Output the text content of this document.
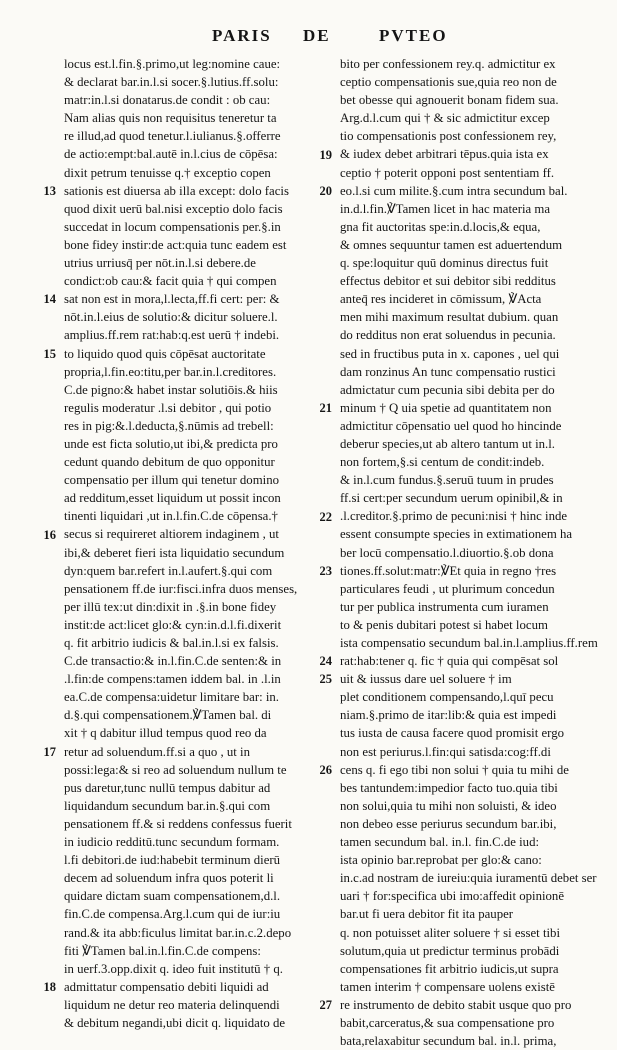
PARIS DE	PVTEO
locus est.l.fin.§.primo,ut leg:nomine caue:
& declarat bar.in.l.si socer.§.lutius.ff.solu:
matr:in.l.si donatarus.de condit : ob cau:
Nam alias quis non requisitus teneretur ta
re illud,ad quod tenetur.l.iulianus.§.offerre
de actio:empt:bal.autē in.l.cius de cōpēsa:
dixit petrum tenuisse q.† exceptio copen
sationis est diuersa ab illa except: dolo facis
quod dixit uerū bal.nisi exceptio dolo facis
succedat in locum compensationis per.§.in
bone fidey instir:de act:quia tunc eadem est
utrius urriusq̄ per nōt.in.l.si debere.de
condict:ob cau:& facit quia † qui compen
sat non est in mora,l.lecta,ff.fi cert: per: &
nōt.in.l.eius de solutio:& dicitur soluere.l.
amplius.ff.rem rat:hab:q.est uerū † indebi.
to liquido quod quis cōpēsat auctoritate
propria,l.fin.eo:titu,per bar.in.l.creditores.
C.de pigno:& habet instar solutiōis.& hiis
regulis moderatur .l.si debitor , qui potio
res in pig:&.l.deducta,§.nūmis ad trebell:
unde est ficta solutio,ut ibi,& predicta pro
cedunt quando debitum de quo opponitur
compensatio per illum qui tenetur domino
ad redditum,esset liquidum ut possit incon
tinenti liquidari ,ut in.l.fin.C.de cōpensa.†
secus si requireret altiorem indaginem , ut
ibi,& deberet fieri ista liquidatio secundum
dyn:quem bar.refert in.l.aufert.§.qui com
pensationem ff.de iur:fisci.infra duos menses,
per illū tex:ut din:dixit in .§.in bone fidey
instit:de act:licet glo:& cyn:in.d.l.fi.dixerit
q. fit arbitrio iudicis & bal.in.l.si ex falsis.
C.de transactio:& in.l.fin.C.de senten:& in
.l.fin:de compens:tamen iddem bal. in .l.in
ea.C.de compensa:uidetur limitare bar: in.
d.§.qui compensationem.℣Tamen bal. di
xit † q dabitur illud tempus quod reo da
retur ad soluendum.ff.si a quo , ut in
possi:lega:& si reo ad soluendum nullum te
pus daretur,tunc nullū tempus dabitur ad
liquidandum secundum bar.in.§.qui com
pensationem ff.& si reddens confessus fuerit
in iudicio redditū.tunc secundum formam.
l.fi debitori.de iud:habebit terminum dierū
decem ad soluendum infra quos poterit li
quidare dictam suam compensationem,d.l.
fin.C.de compensa.Arg.l.cum qui de iur:iu
rand.& ita abb:ficulus limitat bar.in.c.2.depo
fiti ℣Tamen bal.in.l.fin.C.de compens:
in uerf.3.opp.dixit q. ideo fuit institutū † q.
admittatur compensatio debiti liquidi ad
liquidum ne detur reo materia delinquendi
& debitum negandi,ubi dicit q. liquidato de
bito per confessionem rey.q. admictitur ex
ceptio compensationis sue,quia reo non de
bet obesse qui agnouerit bonam fidem sua.
Arg.d.l.cum qui † & sic admictitur excep
tio compensationis post confessionem rey,
& iudex debet arbitrari tēpus.quia ista ex
ceptio † poterit opponi post sententiam ff.
eo.l.si cum milite.§.cum intra secundum bal.
in.d.l.fin.℣Tamen licet in hac materia ma
gna fit auctoritas spe:in.d.locis,& equa,
& omnes sequuntur tamen est aduertendum
q. spe:loquitur quū dominus directus fuit
effectus debitor et sui debitor sibi redditus
anteq̄ res incideret in cōmissum, ℣Acta
men mihi maximum resultat dubium. quan
do redditus non erat soluendus in pecunia.
sed in fructibus puta in x. capones , uel qui
dam ronzinus An tunc compensatio rustici
admictatur cum pecunia sibi debita per do
minum † Q uia spetie ad quantitatem non
admictitur cōpensatio uel quod ho hincinde
deberur species,ut ab altero tantum ut in.l.
non fortem,§.si centum de condit:indeb.
& in.l.cum fundus.§.seruū tuum in prudes
ff.si cert:per secundum uerum opinibil,& in
.l.creditor.§.primo de pecuni:nisi † hinc inde
essent consumpte species in extimationem ha
ber locū compensatio.l.diuortio.§.ob dona
tiones.ff.solut:matr:℣Et quia in regno †res
particulares feudi , ut plurimum concedun
tur per publica instrumenta cum iuramen
to & penis dubitari potest si habet locum
ista compensatio secundum bal.in.l.amplius.ff.rem
rat:hab:tener q. fic † quia qui compēsat sol
uit & iussus dare uel soluere † im
plet conditionem compensando,l.quī pecu
niam.§.primo de itar:lib:& quia est impedi
tus iusta de causa facere quod promisit ergo
non est periurus.l.fin:qui satisda:cog:ff.di
cens q. fi ego tibi non solui † quia tu mihi de
bes tantundem:impedior facto tuo.quia tibi
non solui,quia tu mihi non soluisti, & ideo
non debeo esse periurus secundum bar.ibi,
tamen secundum bal. in.l. fin.C.de iud:
ista opinio bar.reprobat per glo:& cano:
in.c.ad nostram de iureiu:quia iuramentū debet ser
uari † for:specifica ubi imo:affedit opinionē
bar.ut fi uera debitor fit ita pauper
q. non potuisset aliter soluere † si esset tibi
solutum,quia ut predictur terminus probādi
compensationes fit arbitrio iudicis,ut supra
tamen interim † compensare uolens existē
re instrumento de debito stabit usque quo pro
babit,carceratus,& sua compensatione pro
bata,relaxabitur secundum bal. in.l. prima,
13
14
15
16
17
18
19
20
21
22
23
24
25
26
27
